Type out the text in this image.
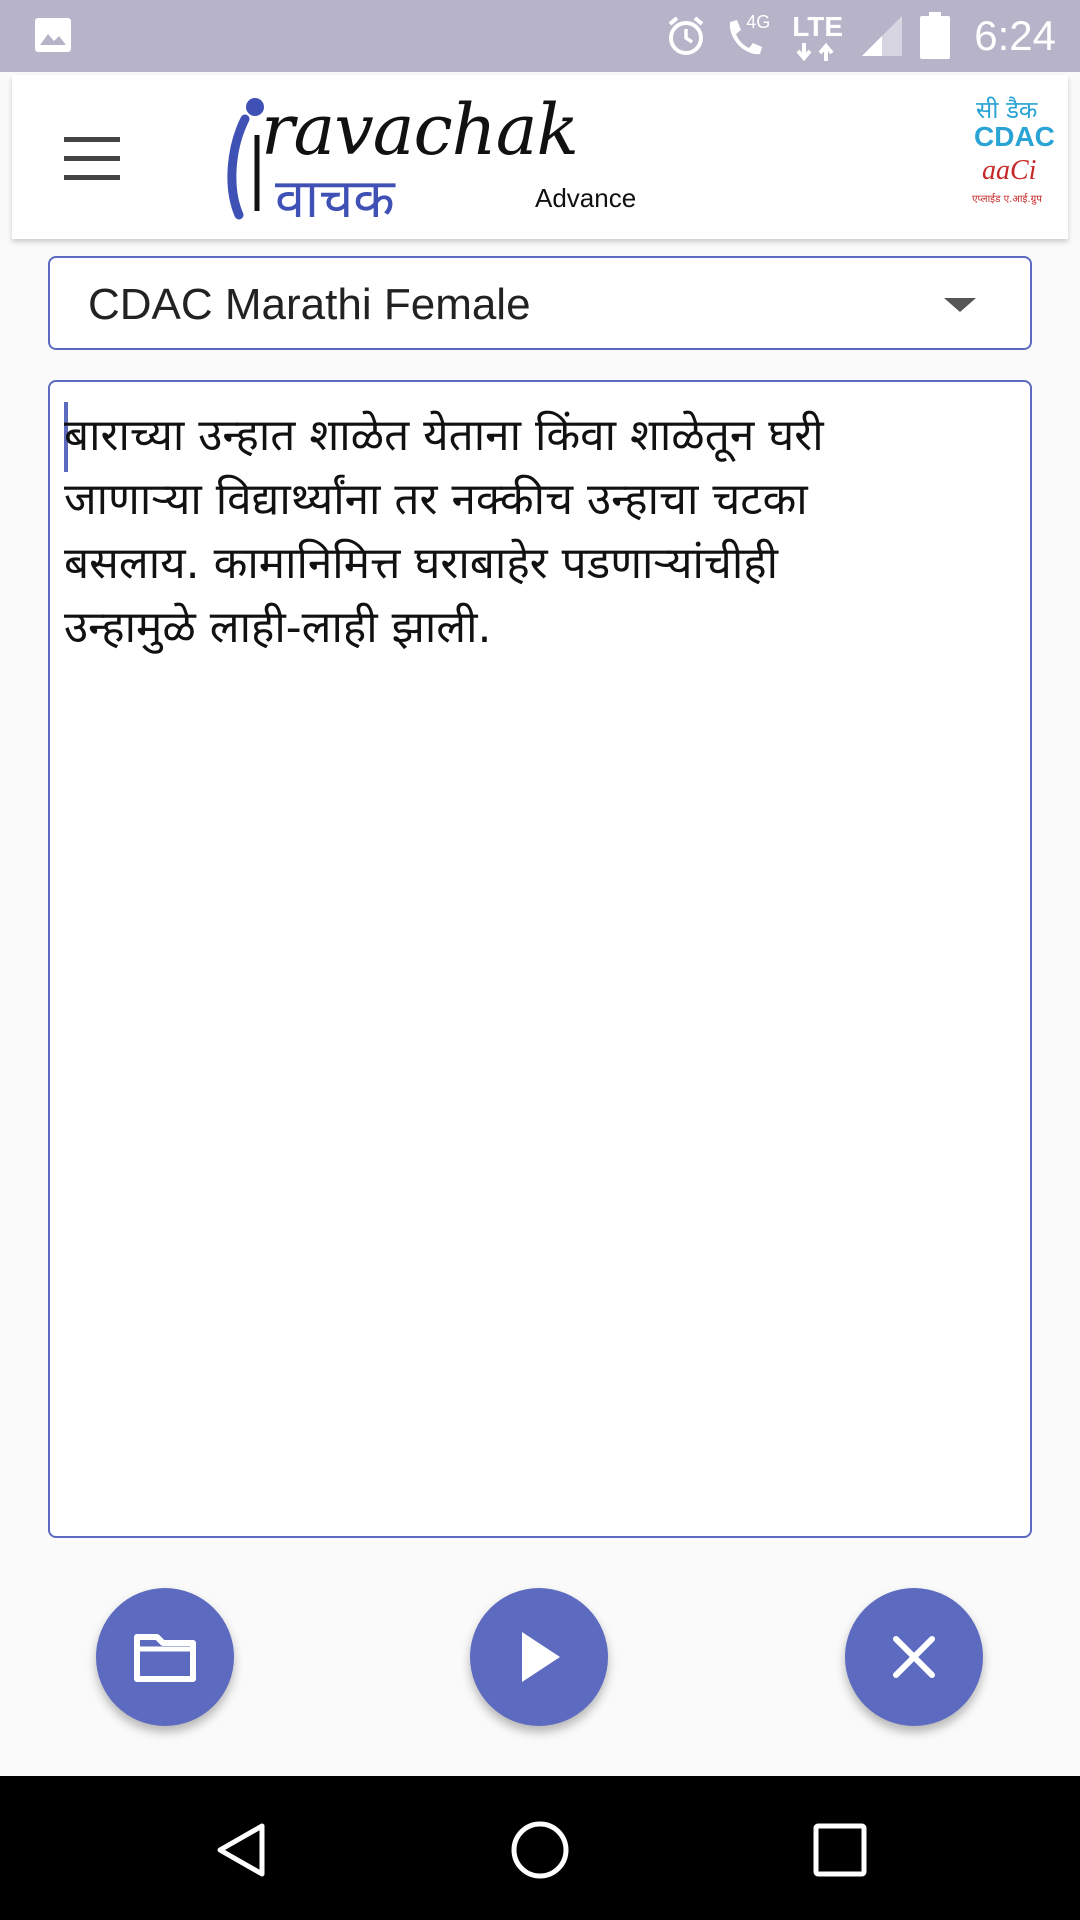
4G LTE	6:24
ravachak
वाचक	Advance
सी डैक
CDAC
aaCi
एप्लाईड ए.आई.ग्रुप
CDAC Marathi Female
बाराच्या उन्हात शाळेत येताना किंवा शाळेतून घरी
जाणाऱ्या विद्यार्थ्यांना तर नक्कीच उन्हाचा चटका
बसलाय. कामानिमित्त घराबाहेर पडणाऱ्यांचीही
उन्हामुळे लाही-लाही झाली.
